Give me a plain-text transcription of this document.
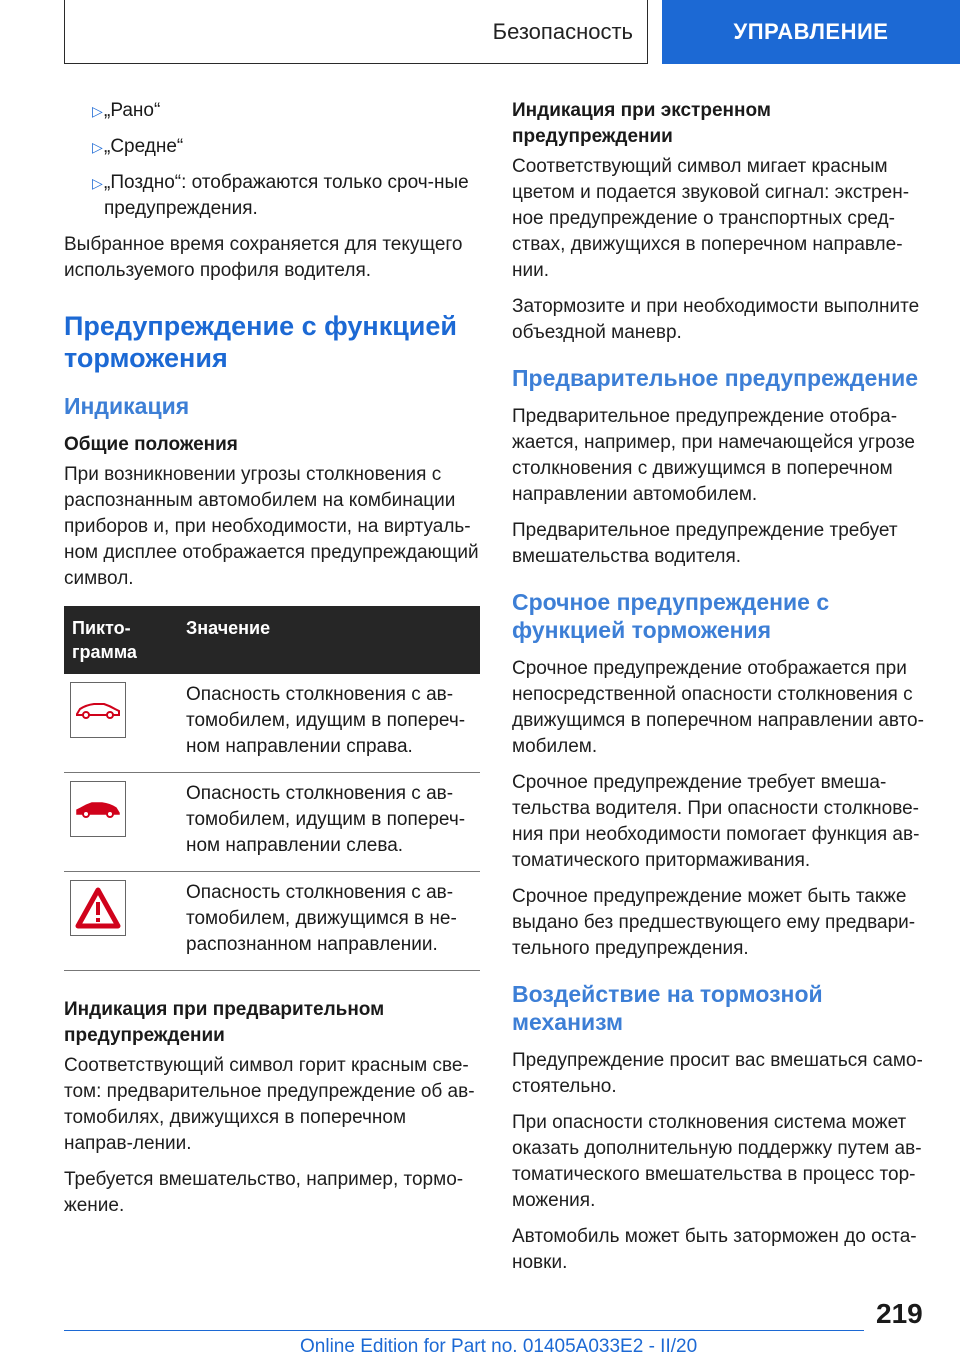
Безопасность	УПРАВЛЕНИЕ
▷ „Рано“
▷ „Средне“
▷ „Поздно“: отображаются только сроч-ные предупреждения.

Выбранное время сохраняется для текущего используемого профиля водителя.

Предупреждение с функцией торможения
Индикация
Общие положения

При возникновении угрозы столкновения с распознанным автомобилем на комбинации приборов и, при необходимости, на виртуаль-ном дисплее отображается предупреждающий символ.

Пикто-грамма	Значение

	Опасность столкновения с ав-томобилем, идущим в попереч-ном направлении справа.

	Опасность столкновения с ав-томобилем, идущим в попереч-ном направлении слева.

	Опасность столкновения с ав-томобилем, движущимся в не-распознанном направлении.
Индикация при предварительном предупреждении

Соответствующий символ горит красным све-том: предварительное предупреждение об ав-томобилях, движущихся в поперечном направ-лении.

Требуется вмешательство, например, тормо-жение.

Индикация при экстренном предупреждении

Соответствующий символ мигает красным цветом и подается звуковой сигнал: экстрен-ное предупреждение о транспортных сред-ствах, движущихся в поперечном направле-нии.

Затормозите и при необходимости выполните объездной маневр.

Предварительное предупреждение

Предварительное предупреждение отобра-жается, например, при намечающейся угрозе столкновения с движущимся в поперечном направлении автомобилем.

Предварительное предупреждение требует вмешательства водителя.

Срочное предупреждение с функцией торможения

Срочное предупреждение отображается при непосредственной опасности столкновения с движущимся в поперечном направлении авто-мобилем.

Срочное предупреждение требует вмеша-тельства водителя. При опасности столкнове-ния при необходимости помогает функция ав-томатического притормаживания.

Срочное предупреждение может быть также выдано без предшествующего ему предвари-тельного предупреждения.

Воздействие на тормозной механизм

Предупреждение просит вас вмешаться само-стоятельно.

При опасности столкновения система может оказать дополнительную поддержку путем ав-томатического вмешательства в процесс тор-можения.

Автомобиль может быть заторможен до оста-новки.

219
Online Edition for Part no. 01405A033E2 - II/20
